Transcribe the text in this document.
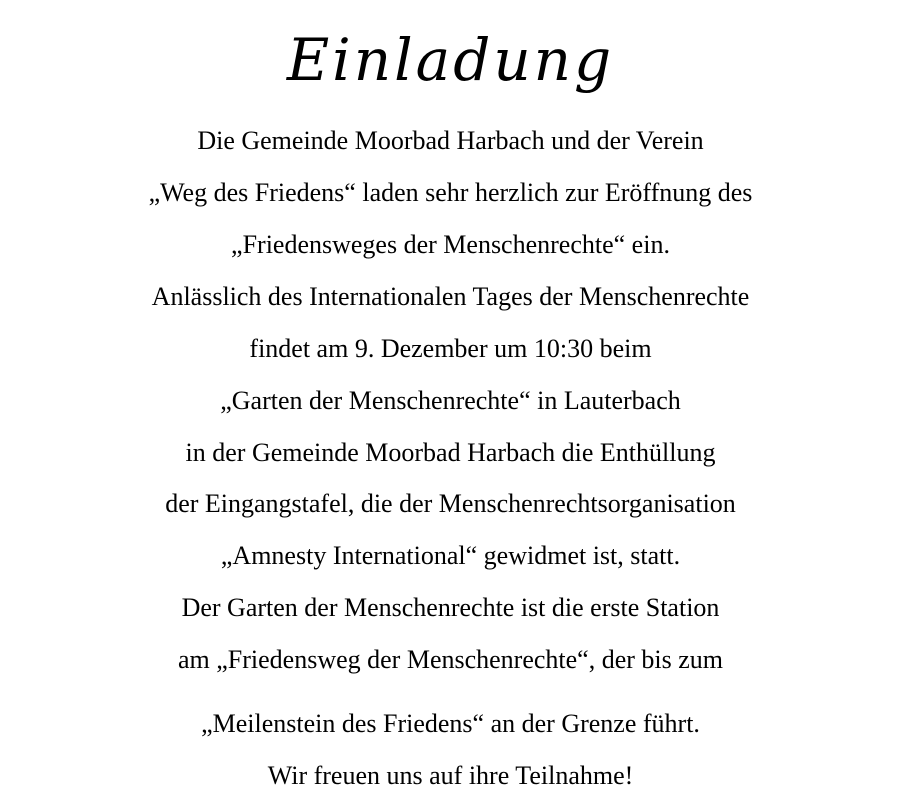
Einladung

Die Gemeinde Moorbad Harbach und der Verein

„Weg des Friedens“ laden sehr herzlich zur Eröffnung des

„Friedensweges der Menschenrechte“ ein.

Anlässlich des Internationalen Tages der Menschenrechte

findet am 9. Dezember um 10:30 beim

„Garten der Menschenrechte“ in Lauterbach

in der Gemeinde Moorbad Harbach die Enthüllung

der Eingangstafel, die der Menschenrechtsorganisation

„Amnesty International“ gewidmet ist, statt.

Der Garten der Menschenrechte ist die erste Station

am „Friedensweg der Menschenrechte“, der bis zum

„Meilenstein des Friedens“ an der Grenze führt.

Wir freuen uns auf ihre Teilnahme!
